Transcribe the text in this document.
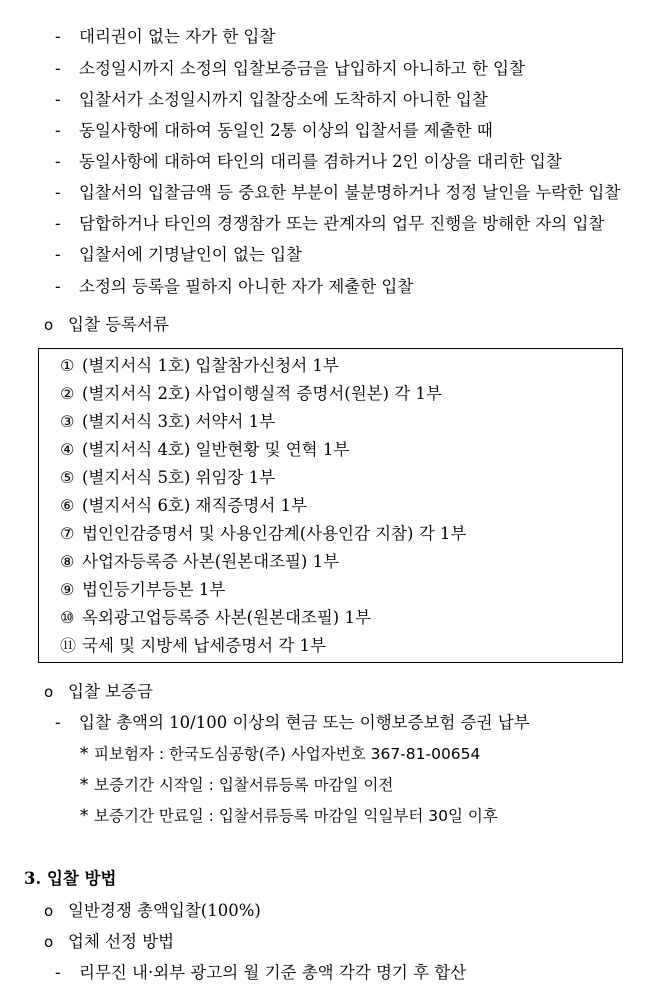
- 대리권이 없는 자가 한 입찰
- 소정일시까지 소정의 입찰보증금을 납입하지 아니하고 한 입찰
- 입찰서가 소정일시까지 입찰장소에 도착하지 아니한 입찰
- 동일사항에 대하여 동일인 2통 이상의 입찰서를 제출한 때
- 동일사항에 대하여 타인의 대리를 겸하거나 2인 이상을 대리한 입찰
- 입찰서의 입찰금액 등 중요한 부분이 불분명하거나 정정 날인을 누락한 입찰
- 담합하거나 타인의 경쟁참가 또는 관계자의 업무 진행을 방해한 자의 입찰
- 입찰서에 기명날인이 없는 입찰
- 소정의 등록을 필하지 아니한 자가 제출한 입찰
o 입찰 등록서류
① (별지서식 1호) 입찰참가신청서 1부
② (별지서식 2호) 사업이행실적 증명서(원본) 각 1부
③ (별지서식 3호) 서약서 1부
④ (별지서식 4호) 일반현황 및 연혁 1부
⑤ (별지서식 5호) 위임장 1부
⑥ (별지서식 6호) 재직증명서 1부
⑦ 법인인감증명서 및 사용인감계(사용인감 지참) 각 1부
⑧ 사업자등록증 사본(원본대조필) 1부
⑨ 법인등기부등본 1부
⑩ 옥외광고업등록증 사본(원본대조필) 1부
⑪ 국세 및 지방세 납세증명서 각 1부
o 입찰 보증금
- 입찰 총액의 10/100 이상의 현금 또는 이행보증보험 증권 납부
* 피보험자 : 한국도심공항(주) 사업자번호 367-81-00654
* 보증기간 시작일 : 입찰서류등록 마감일 이전
* 보증기간 만료일 : 입찰서류등록 마감일 익일부터 30일 이후
3. 입찰 방법
o 일반경쟁 총액입찰(100%)
o 업체 선정 방법
- 리무진 내·외부 광고의 월 기준 총액 각각 명기 후 합산
